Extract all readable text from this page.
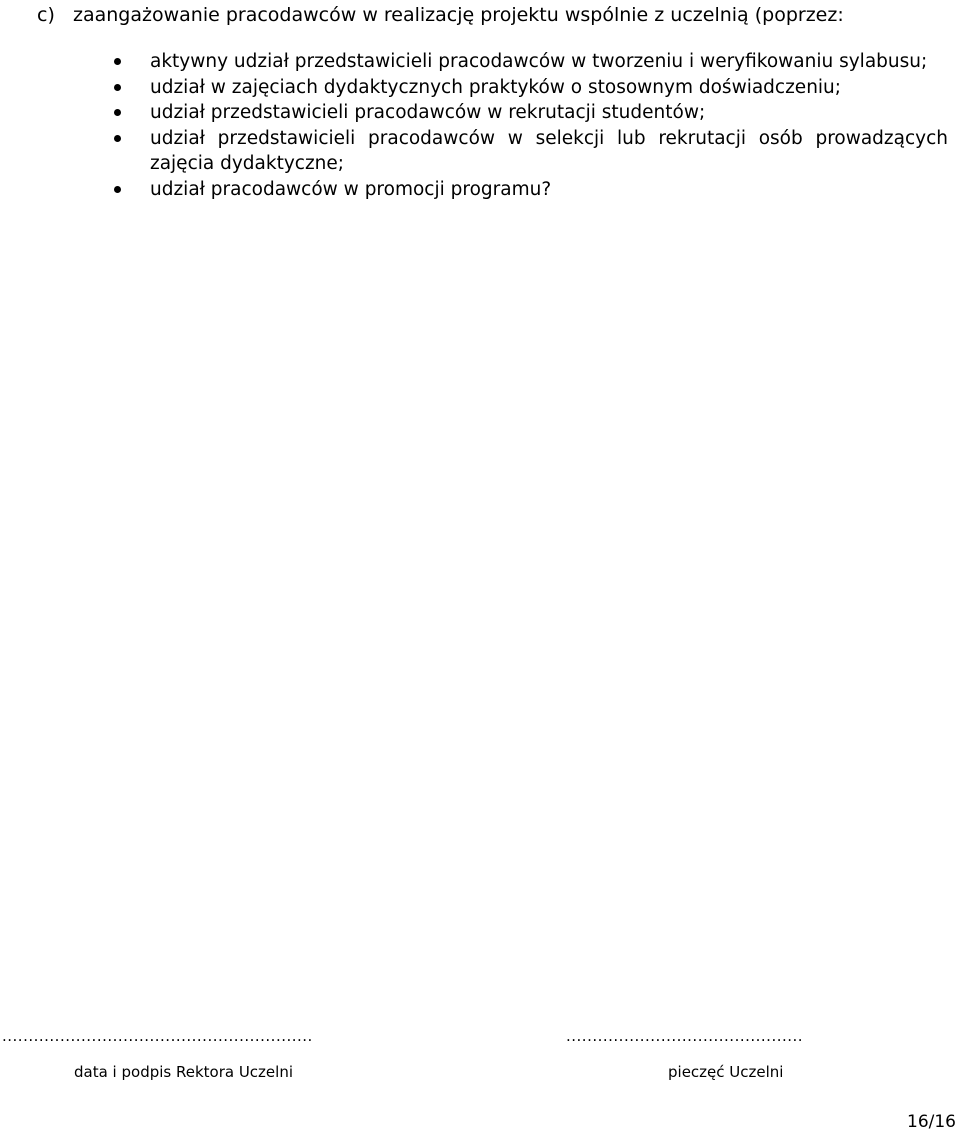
c) zaangażowanie pracodawców w realizację projektu wspólnie z uczelnią (poprzez:
aktywny udział przedstawicieli pracodawców w tworzeniu i weryfikowaniu sylabusu;
udział w zajęciach dydaktycznych praktyków o stosownym doświadczeniu;
udział przedstawicieli pracodawców w rekrutacji studentów;
udział przedstawicieli pracodawców w selekcji lub rekrutacji osób prowadzących zajęcia dydaktyczne;
udział pracodawców w promocji programu?
...........................................................	.............................................
data i podpis Rektora Uczelni	pieczęć Uczelni
16/16
